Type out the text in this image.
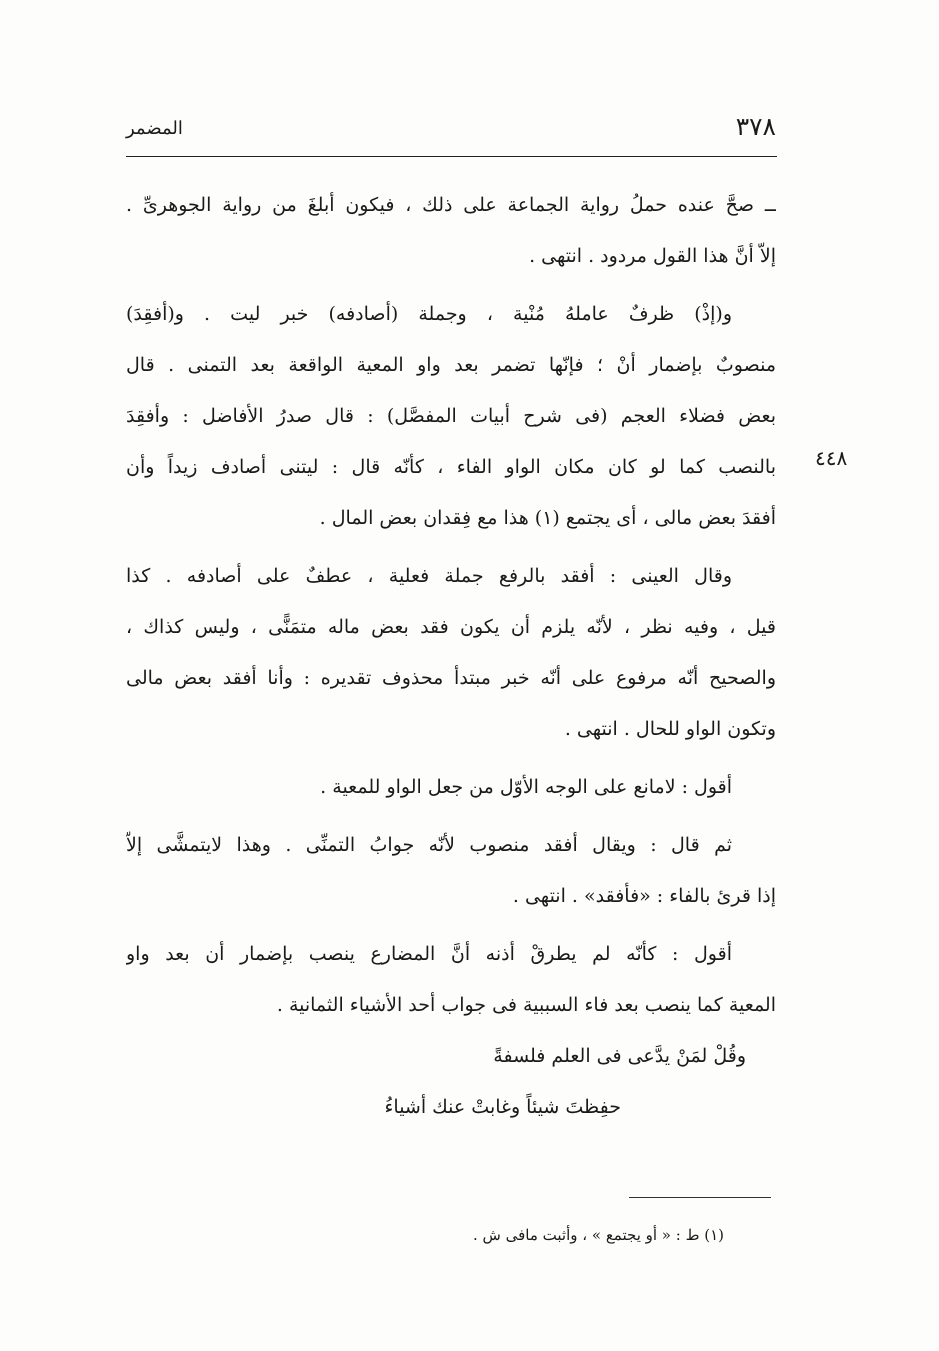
٣٧٨
المضمر
٤٤٨
ــ صحَّ عنده حملُ رواية الجماعة على ذلك ، فيكون أبلغَ من رواية الجوهرىِّ .
إلاّ أنَّ هذا القول مردود . انتهى .
و(إذْ) ظرفٌ عاملهُ مُنْية ، وجملة (أصادفه) خبر ليت . و(أفقِدَ)
منصوبٌ بإضمار أنْ ؛ فإنّها تضمر بعد واو المعية الواقعة بعد التمنى . قال
بعض فضلاء العجم (فى شرح أبيات المفصَّل) : قال صدرُ الأفاضل : وأفقِدَ
بالنصب كما لو كان مكان الواو الفاء ، كأنّه قال : ليتنى أصادف زيداً وأن
أفقدَ بعض مالى ، أى يجتمع (١) هذا مع فِقدان بعض المال .
وقال العينى : أفقد بالرفع جملة فعلية ، عطفٌ على أصادفه . كذا
قيل ، وفيه نظر ، لأنّه يلزم أن يكون فقد بعض ماله متمَنًّى ، وليس كذاك ،
والصحيح أنّه مرفوع على أنّه خبر مبتدأ محذوف تقديره : وأنا أفقد بعض مالى
وتكون الواو للحال . انتهى .
أقول : لامانع على الوجه الأوّل من جعل الواو للمعية .
ثم قال : ويقال أفقد منصوب لأنّه جوابُ التمنِّى . وهذا لايتمشَّى إلاّ
إذا قرئ بالفاء : «فأفقد» . انتهى .
أقول : كأنّه لم يطرقْ أذنه أنَّ المضارع ينصب بإضمار أن بعد واو
المعية كما ينصب بعد فاء السببية فى جواب أحد الأشياء الثمانية .
وقُلْ لمَنْ يدَّعى فى العلم فلسفةً
حفِظتَ شيئاً وغابتْ عنك أشياءُ
(١) ط : « أو يجتمع » ، وأثبت مافى ش .
